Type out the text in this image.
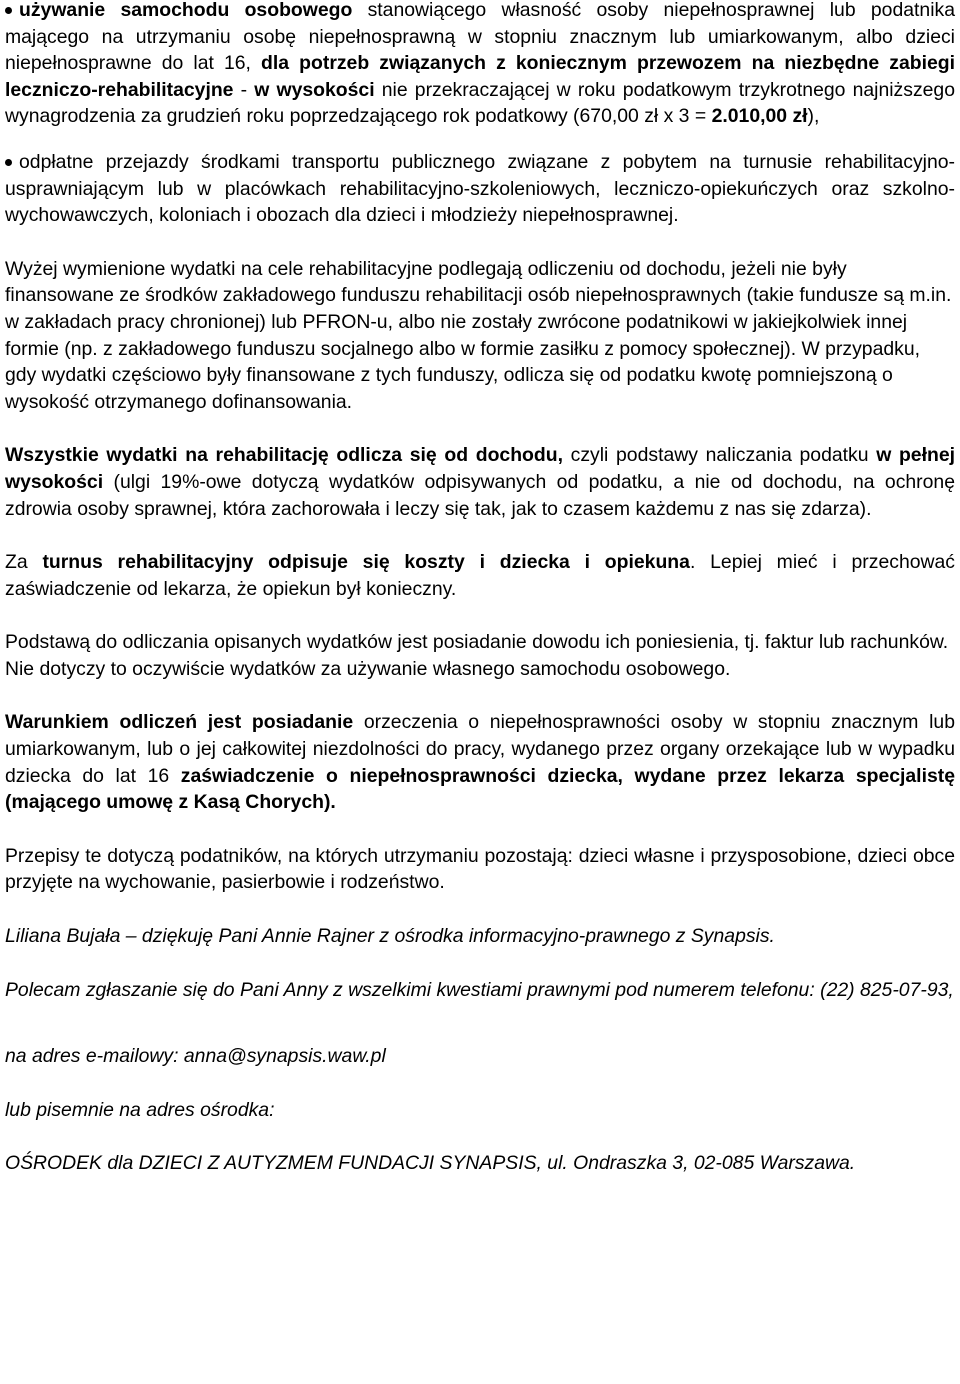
używanie samochodu osobowego stanowiącego własność osoby niepełnosprawnej lub podatnika mającego na utrzymaniu osobę niepełnosprawną w stopniu znacznym lub umiarkowanym, albo dzieci niepełnosprawne do lat 16, dla potrzeb związanych z koniecznym przewozem na niezbędne zabiegi leczniczo-rehabilitacyjne - w wysokości nie przekraczającej w roku podatkowym trzykrotnego najniższego wynagrodzenia za grudzień roku poprzedzającego rok podatkowy (670,00 zł x 3 = 2.010,00 zł),

odpłatne przejazdy środkami transportu publicznego związane z pobytem na turnusie rehabilitacyjno-usprawniającym lub w placówkach rehabilitacyjno-szkoleniowych, leczniczo-opiekuńczych oraz szkolno-wychowawczych, koloniach i obozach dla dzieci i młodzieży niepełnosprawnej.

Wyżej wymienione wydatki na cele rehabilitacyjne podlegają odliczeniu od dochodu, jeżeli nie były finansowane ze środków zakładowego funduszu rehabilitacji osób niepełnosprawnych (takie fundusze są m.in. w zakładach pracy chronionej) lub PFRON-u, albo nie zostały zwrócone podatnikowi w jakiejkolwiek innej formie (np. z zakładowego funduszu socjalnego albo w formie zasiłku z pomocy społecznej). W przypadku, gdy wydatki częściowo były finansowane z tych funduszy, odlicza się od podatku kwotę pomniejszoną o wysokość otrzymanego dofinansowania.

Wszystkie wydatki na rehabilitację odlicza się od dochodu, czyli podstawy naliczania podatku w pełnej wysokości (ulgi 19%-owe dotyczą wydatków odpisywanych od podatku, a nie od dochodu, na ochronę zdrowia osoby sprawnej, która zachorowała i leczy się tak, jak to czasem każdemu z nas się zdarza).

Za turnus rehabilitacyjny odpisuje się koszty i dziecka i opiekuna. Lepiej mieć i przechować zaświadczenie od lekarza, że opiekun był konieczny.

Podstawą do odliczania opisanych wydatków jest posiadanie dowodu ich poniesienia, tj. faktur lub rachunków. Nie dotyczy to oczywiście wydatków za używanie własnego samochodu osobowego.

Warunkiem odliczeń jest posiadanie orzeczenia o niepełnosprawności osoby w stopniu znacznym lub umiarkowanym, lub o jej całkowitej niezdolności do pracy, wydanego przez organy orzekające lub w wypadku dziecka do lat 16 zaświadczenie o niepełnosprawności dziecka, wydane przez lekarza specjalistę (mającego umowę z Kasą Chorych).

Przepisy te dotyczą podatników, na których utrzymaniu pozostają: dzieci własne i przysposobione, dzieci obce przyjęte na wychowanie, pasierbowie i rodzeństwo.

Liliana Bujała – dziękuję Pani Annie Rajner z ośrodka informacyjno-prawnego z Synapsis.

Polecam zgłaszanie się do Pani Anny z wszelkimi kwestiami prawnymi pod numerem telefonu: (22) 825-07-93,

na adres e-mailowy: anna@synapsis.waw.pl

lub pisemnie na adres ośrodka:

OŚRODEK dla DZIECI Z AUTYZMEM FUNDACJI SYNAPSIS, ul. Ondraszka 3, 02-085 Warszawa.
